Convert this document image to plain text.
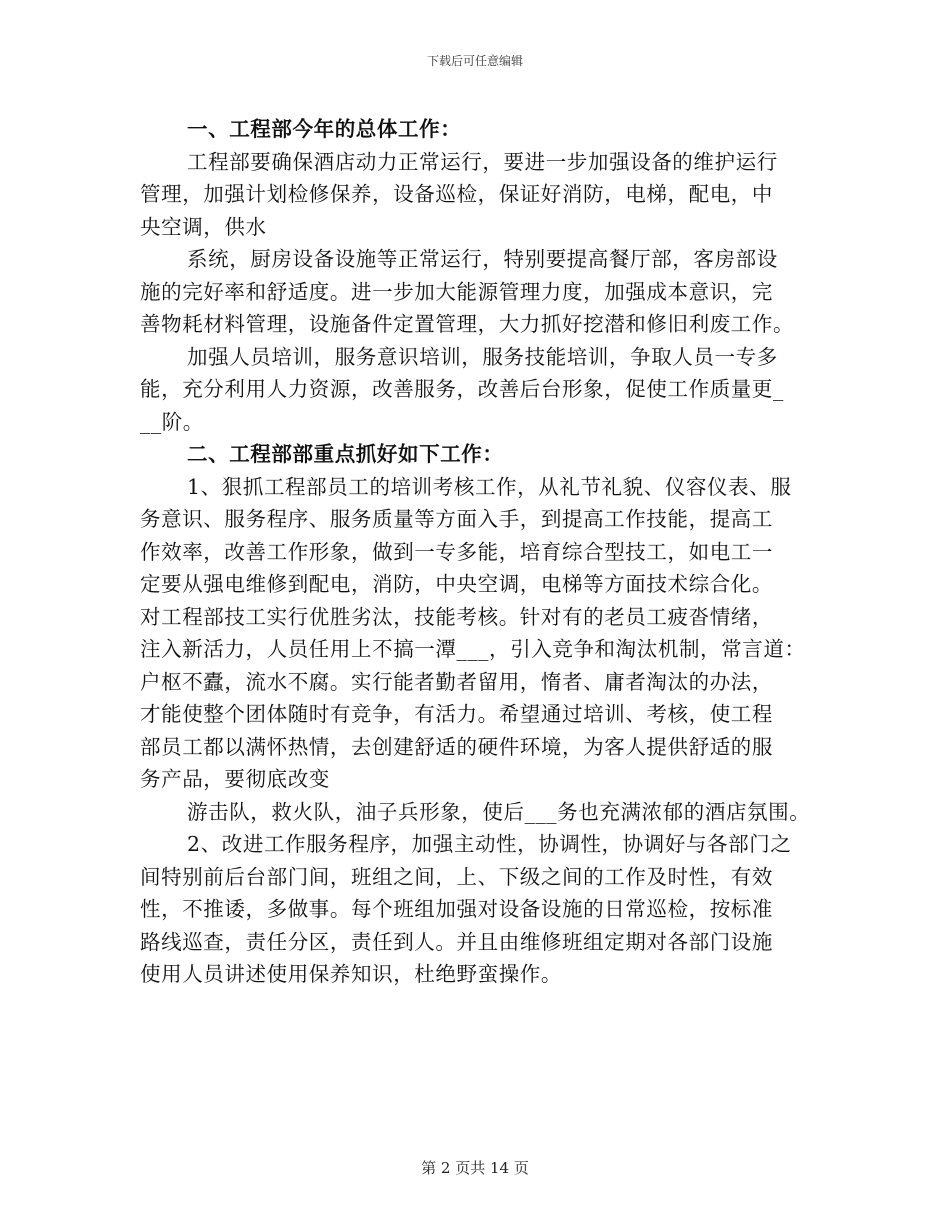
下载后可任意编辑
一、工程部今年的总体工作：
工程部要确保酒店动力正常运行，要进一步加强设备的维护运行
管理，加强计划检修保养，设备巡检，保证好消防，电梯，配电，中
央空调，供水
系统，厨房设备设施等正常运行，特别要提高餐厅部，客房部设
施的完好率和舒适度。进一步加大能源管理力度，加强成本意识，完
善物耗材料管理，设施备件定置管理，大力抓好挖潜和修旧利废工作。
加强人员培训，服务意识培训，服务技能培训，争取人员一专多
能，充分利用人力资源，改善服务，改善后台形象，促使工作质量更_
__阶。
二、工程部部重点抓好如下工作：
1、狠抓工程部员工的培训考核工作，从礼节礼貌、仪容仪表、服
务意识、服务程序、服务质量等方面入手，到提高工作技能，提高工
作效率，改善工作形象，做到一专多能，培育综合型技工，如电工一
定要从强电维修到配电，消防，中央空调，电梯等方面技术综合化。
对工程部技工实行优胜劣汰，技能考核。针对有的老员工疲沓情绪，
注入新活力，人员任用上不搞一潭___，引入竞争和淘汰机制，常言道：
户枢不蠹，流水不腐。实行能者勤者留用，惰者、庸者淘汰的办法，
才能使整个团体随时有竞争，有活力。希望通过培训、考核，使工程
部员工都以满怀热情，去创建舒适的硬件环境，为客人提供舒适的服
务产品，要彻底改变
游击队，救火队，油子兵形象，使后___务也充满浓郁的酒店氛围。
2、改进工作服务程序，加强主动性，协调性，协调好与各部门之
间特别前后台部门间，班组之间，上、下级之间的工作及时性，有效
性，不推诿，多做事。每个班组加强对设备设施的日常巡检，按标准
路线巡查，责任分区，责任到人。并且由维修班组定期对各部门设施
使用人员讲述使用保养知识，杜绝野蛮操作。
第 2 页共 14 页
